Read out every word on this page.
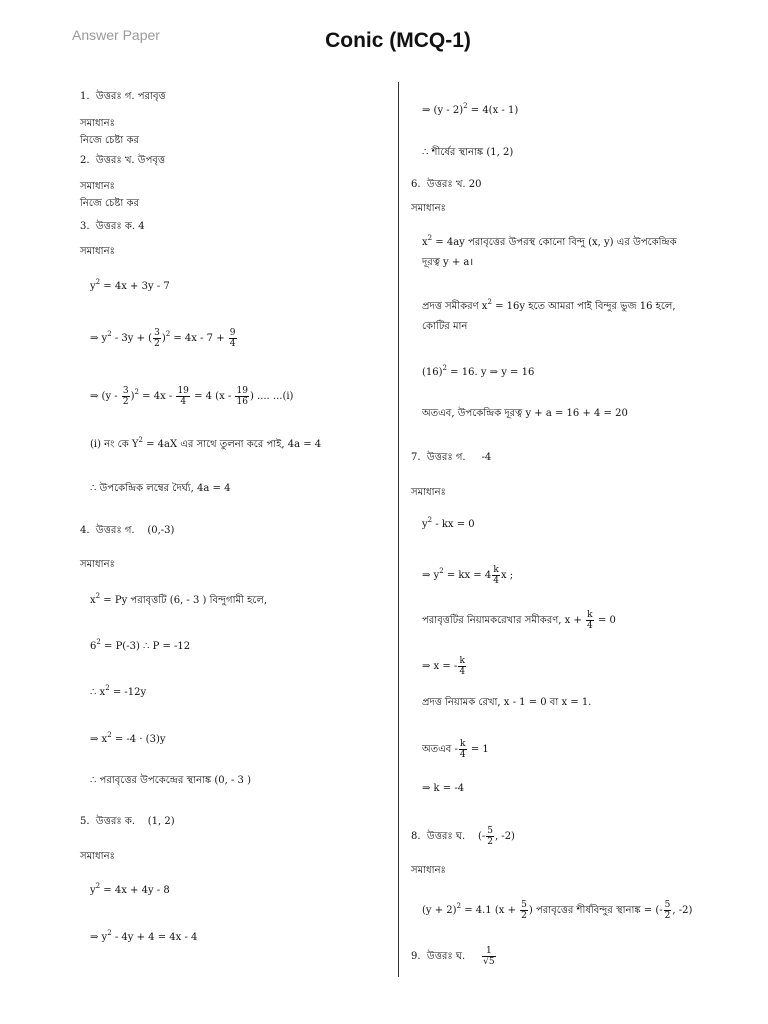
Answer Paper	Conic (MCQ-1)
1. উত্তরঃ গ. পরাবৃত্ত
সমাধানঃ
নিজে চেষ্টা কর
2. উত্তরঃ খ. উপবৃত্ত
সমাধানঃ
নিজে চেষ্টা কর
3. উত্তরঃ ক. 4
সমাধানঃ
$y^2 = 4x + 3y - 7$
⇒ $y^2 - 3y$ + ( $\frac{3}{2} )^2 = 4x - 7 + \frac{9}{4}$
⇒ $(y - \frac{3}{2} )^2 = 4x - \frac{19}{4} = 4$ ($x - \frac{19}{16}$ ) .... ...(i)
(i) নং কে $Y^2 = 4aX$ এর সাথে তুলনা করে পাই, 4a = 4
∴ উপকেন্দ্রিক লম্বের দৈর্ঘ্য, 4a = 4
4. উত্তরঃ গ. (0,-3)
সমাধানঃ
$x^2 = Py$ পরাবৃত্তটি (6, - 3 ) বিন্দুগামী হলে,
$6^2 = P(-3)$ ∴ P = -12
∴ $x^2 = -12y$
⇒ $x^2 = -4 \cdot (3)y$
∴ পরাবৃত্তের উপকেন্দ্রের স্থানাঙ্ক (0, - 3 )
5. উত্তরঃ ক. (1, 2)
সমাধানঃ
$y^2 = 4x + 4y - 8$
⇒ $y^2 - 4y + 4 = 4x - 4$
⇒ (y - 2)$^2$ = 4(x - 1)
∴ শীর্ষের স্থানাঙ্ক (1, 2)
6. উত্তরঃ খ. 20
সমাধানঃ
$x^2 = 4ay$ পরাবৃত্তের উপরস্থ কোনো বিন্দু (x, y) এর উপকেন্দ্রিক
দূরত্ব y + a।
প্রদত্ত সমীকরণ $x^2 = 16y$ হতে আমরা পাই বিন্দুর ভুজ 16 হলে,
কোটির মান
$(16)^2 = 16$. y ⇒ y = 16
অতএব, উপকেন্দ্রিক দূরত্ব y + a = 16 + 4 = 20
7. উত্তরঃ গ. -4
সমাধানঃ
$y^2$ - kx = 0
⇒ $y^2$ = kx = $4 \frac{k}{4}$ x ;
পরাবৃত্তটির নিয়ামকরেখার সমীকরণ, $x + \frac{k}{4} = 0$
⇒ x = - $\frac{k}{4}$
প্রদত্ত নিয়ামক রেখা, x - 1 = 0 বা x = 1.
অতএব - $\frac{k}{4} = 1$
⇒ k = -4
8. উত্তরঃ ঘ. (- $\frac{5}{2}$ , -2)
সমাধানঃ
$(y + 2)^2 = 4.1$ ($x + \frac{5}{2}$ ) পরাবৃত্তের শীর্ষবিন্দুর স্থানাঙ্ক = (- $\frac{5}{2}$ , -2)
9. উত্তরঃ ঘ. $\frac{1}{√5}$
